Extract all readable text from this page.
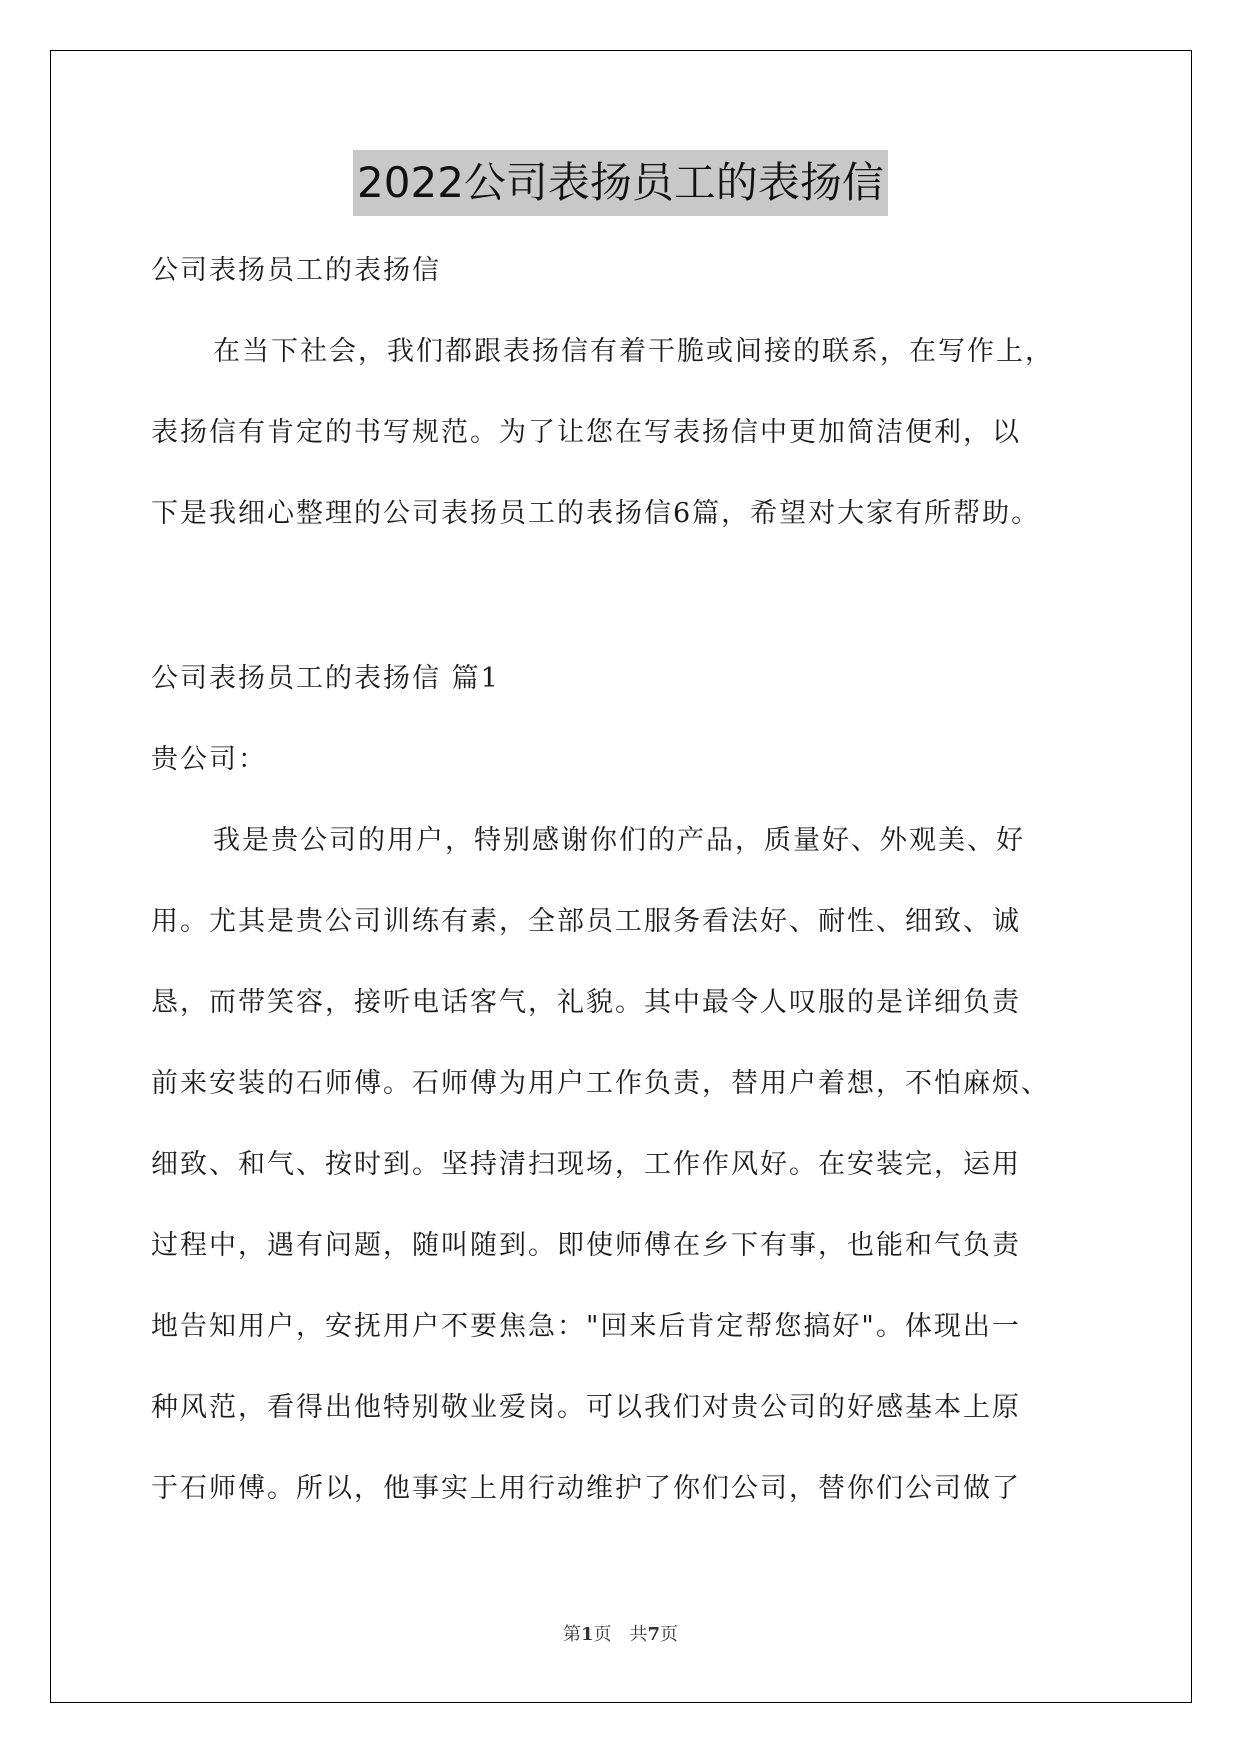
2022公司表扬员工的表扬信
公司表扬员工的表扬信
在当下社会，我们都跟表扬信有着干脆或间接的联系，在写作上，
表扬信有肯定的书写规范。为了让您在写表扬信中更加简洁便利，以
下是我细心整理的公司表扬员工的表扬信6篇，希望对大家有所帮助。
公司表扬员工的表扬信 篇1
贵公司：
我是贵公司的用户，特别感谢你们的产品，质量好、外观美、好
用。尤其是贵公司训练有素，全部员工服务看法好、耐性、细致、诚
恳，而带笑容，接听电话客气，礼貌。其中最令人叹服的是详细负责
前来安装的石师傅。石师傅为用户工作负责，替用户着想，不怕麻烦、
细致、和气、按时到。坚持清扫现场，工作作风好。在安装完，运用
过程中，遇有问题，随叫随到。即使师傅在乡下有事，也能和气负责
地告知用户，安抚用户不要焦急："回来后肯定帮您搞好"。体现出一
种风范，看得出他特别敬业爱岗。可以我们对贵公司的好感基本上原
于石师傅。所以，他事实上用行动维护了你们公司，替你们公司做了
第1页　共7页
